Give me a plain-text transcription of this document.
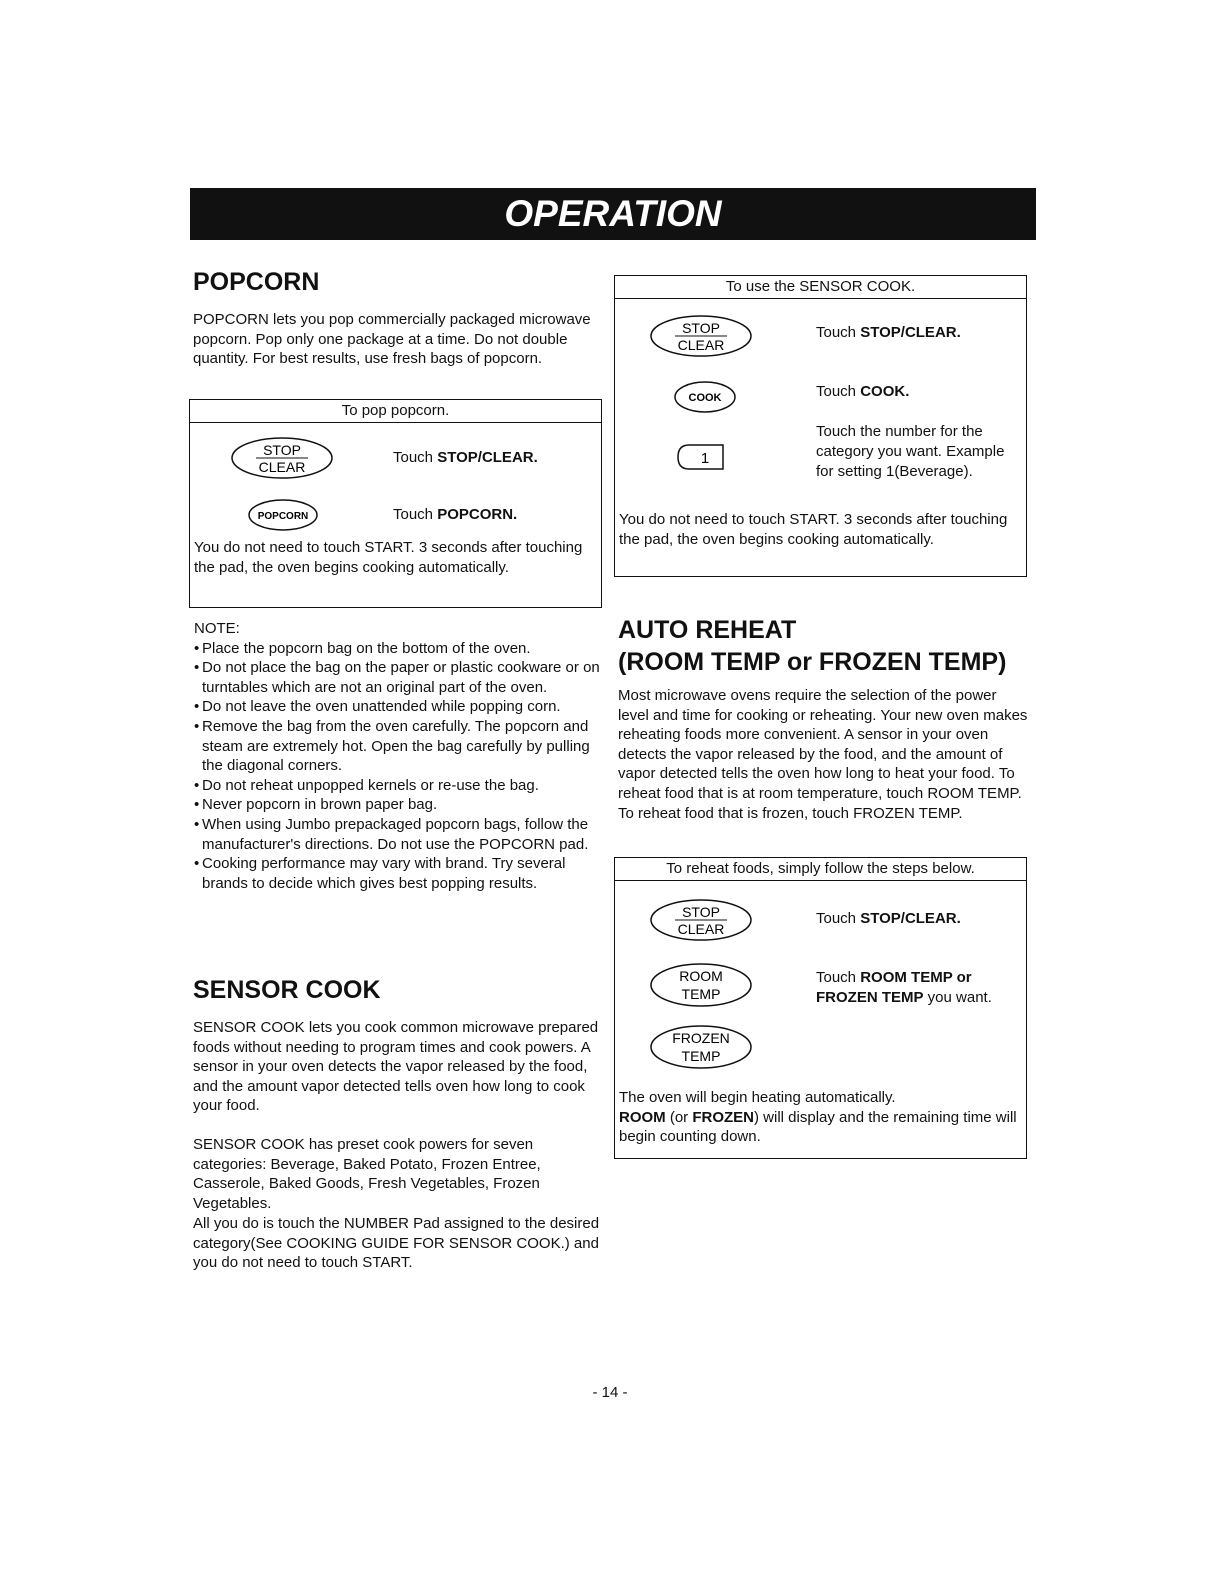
OPERATION
POPCORN

POPCORN lets you pop commercially packaged microwave popcorn. Pop only one package at a time. Do not double quantity. For best results, use fresh bags of popcorn.

To pop popcorn.
STOP
CLEAR
Touch STOP/CLEAR.
POPCORN	Touch POPCORN.
You do not need to touch START. 3 seconds after touching the pad, the oven begins cooking automatically.
NOTE:
• Place the popcorn bag on the bottom of the oven.
• Do not place the bag on the paper or plastic cookware or on turntables which are not an original part of the oven.
• Do not leave the oven unattended while popping corn.
• Remove the bag from the oven carefully. The popcorn and steam are extremely hot. Open the bag carefully by pulling the diagonal corners.
• Do not reheat unpopped kernels or re-use the bag.
• Never popcorn in brown paper bag.
• When using Jumbo prepackaged popcorn bags, follow the manufacturer's directions. Do not use the POPCORN pad.
• Cooking performance may vary with brand. Try several brands to decide which gives best popping results.
SENSOR COOK

SENSOR COOK lets you cook common microwave prepared foods without needing to program times and cook powers. A sensor in your oven detects the vapor released by the food, and the amount vapor detected tells oven how long to cook your food.

SENSOR COOK has preset cook powers for seven categories: Beverage, Baked Potato, Frozen Entree, Casserole, Baked Goods, Fresh Vegetables, Frozen Vegetables.

All you do is touch the NUMBER Pad assigned to the desired category(See COOKING GUIDE FOR SENSOR COOK.) and you do not need to touch START.

To use the SENSOR COOK.
STOP
CLEAR
Touch STOP/CLEAR.
COOK	Touch COOK.
1
Touch the number for the category you want. Example for setting 1(Beverage).
You do not need to touch START. 3 seconds after touching the pad, the oven begins cooking automatically.
AUTO REHEAT
(ROOM TEMP or FROZEN TEMP)

Most microwave ovens require the selection of the power level and time for cooking or reheating. Your new oven makes reheating foods more convenient. A sensor in your oven detects the vapor released by the food, and the amount of vapor detected tells the oven how long to heat your food. To reheat food that is at room temperature, touch ROOM TEMP. To reheat food that is frozen, touch FROZEN TEMP.

To reheat foods, simply follow the steps below.
STOP
CLEAR
Touch STOP/CLEAR.
ROOM
TEMP
Touch ROOM TEMP or FROZEN TEMP you want.
FROZEN
TEMP
The oven will begin heating automatically.
ROOM (or FROZEN) will display and the remaining time will begin counting down.
- 14 -
